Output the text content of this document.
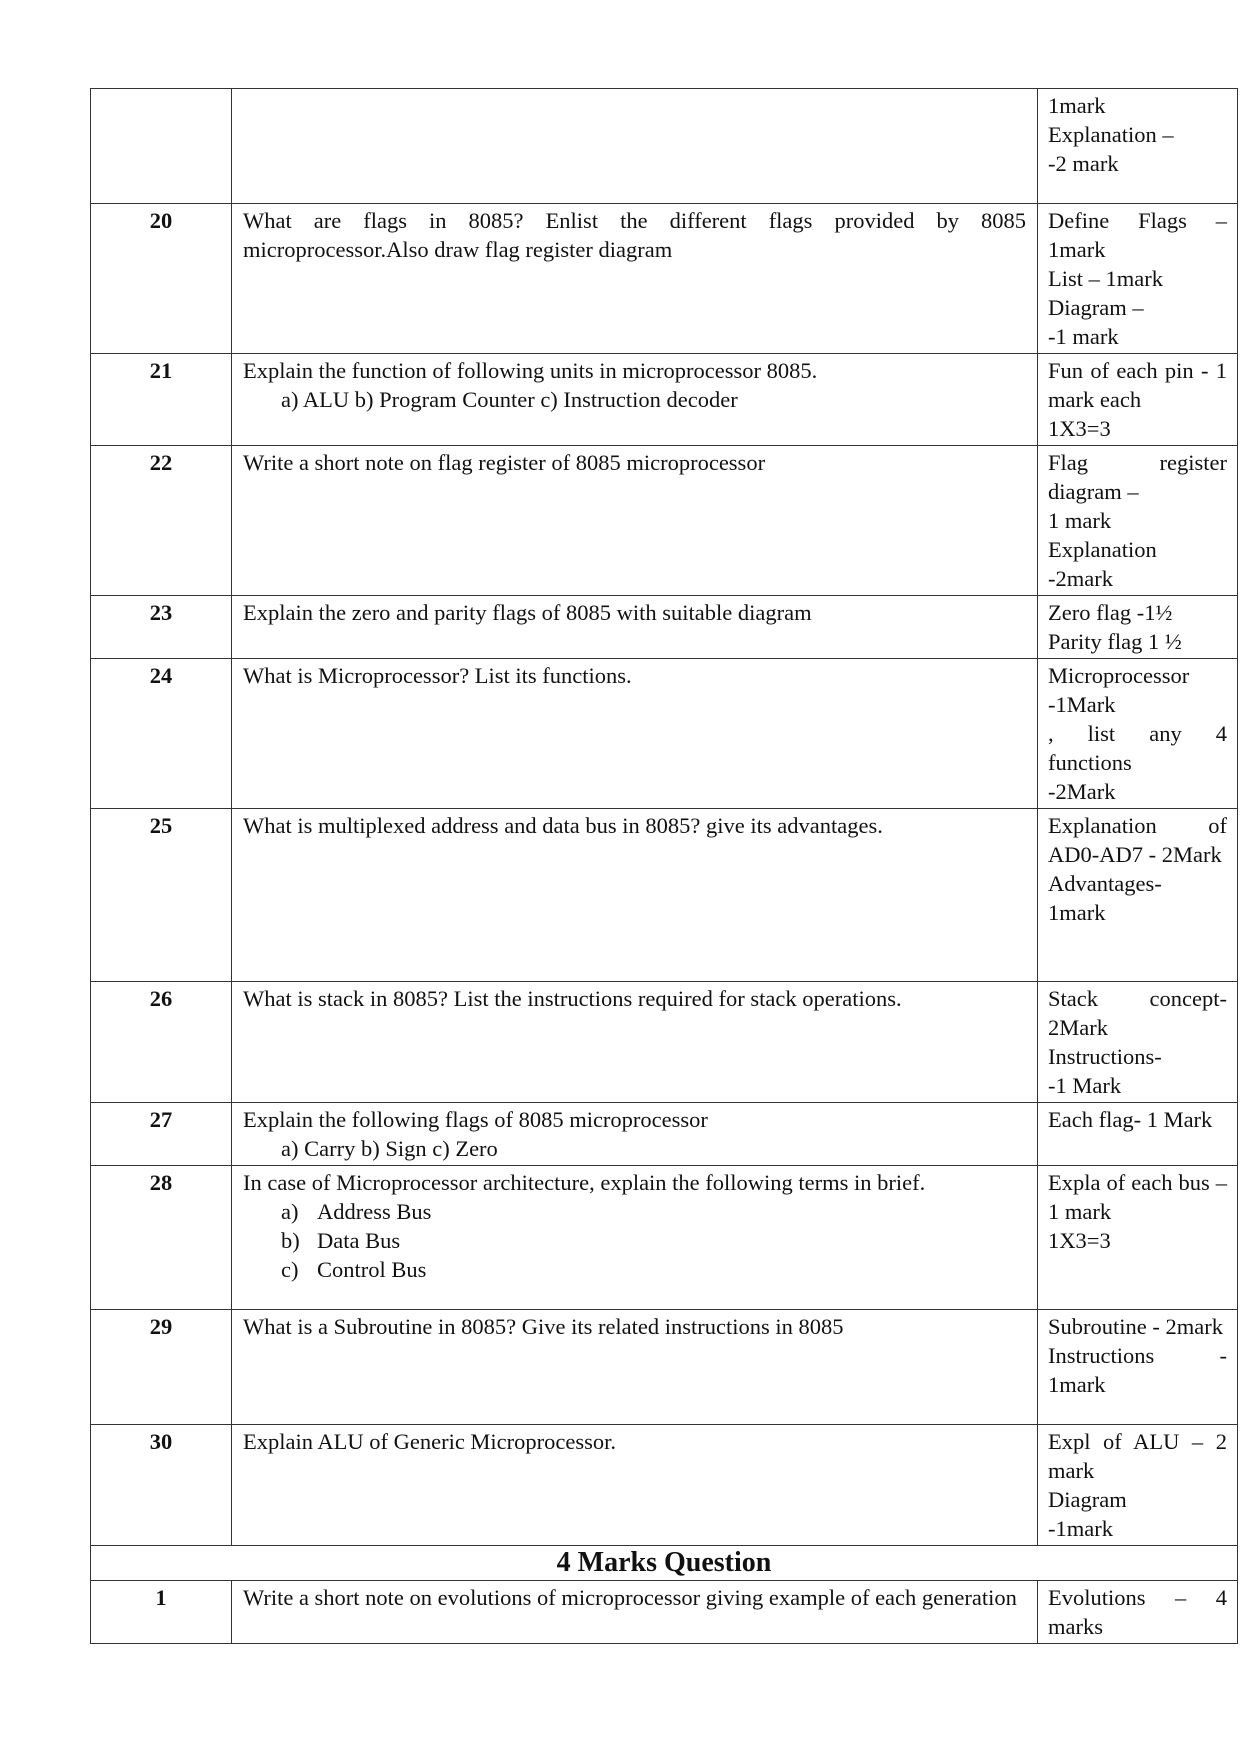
		1mark
Explanation –
-2 mark

20	What are flags in 8085? Enlist the different flags provided by 8085 microprocessor.Also draw flag register diagram	Define Flags – 1mark
List – 1mark
Diagram –
-1 mark

21	Explain the function of following units in microprocessor 8085.
a) ALU b) Program Counter c) Instruction decoder	Fun of each pin - 1 mark each
1X3=3

22	Write a short note on flag register of 8085 microprocessor	Flag register diagram –
1 mark
Explanation
-2mark

23	Explain the zero and parity flags of 8085 with suitable diagram	Zero flag -1½
Parity flag 1 ½

24	What is Microprocessor? List its functions.	Microprocessor
-1Mark
, list any 4 functions
-2Mark

25	What is multiplexed address and data bus in 8085? give its advantages.	Explanation of AD0-AD7 - 2Mark
Advantages-
1mark

26	What is stack in 8085? List the instructions required for stack operations.	Stack concept- 2Mark
Instructions-
-1 Mark

27	Explain the following flags of 8085 microprocessor
a) Carry b) Sign c) Zero	Each flag- 1 Mark

28	In case of Microprocessor architecture, explain the following terms in brief.
a) Address Bus
b) Data Bus
c) Control Bus	Expla of each bus – 1 mark
1X3=3

29	What is a Subroutine in 8085? Give its related instructions in 8085	Subroutine - 2mark
Instructions - 1mark

30	Explain ALU of Generic Microprocessor.	Expl of ALU – 2 mark
Diagram
-1mark

4 Marks Question		
1	Write a short note on evolutions of microprocessor giving example of each generation	Evolutions – 4 marks
